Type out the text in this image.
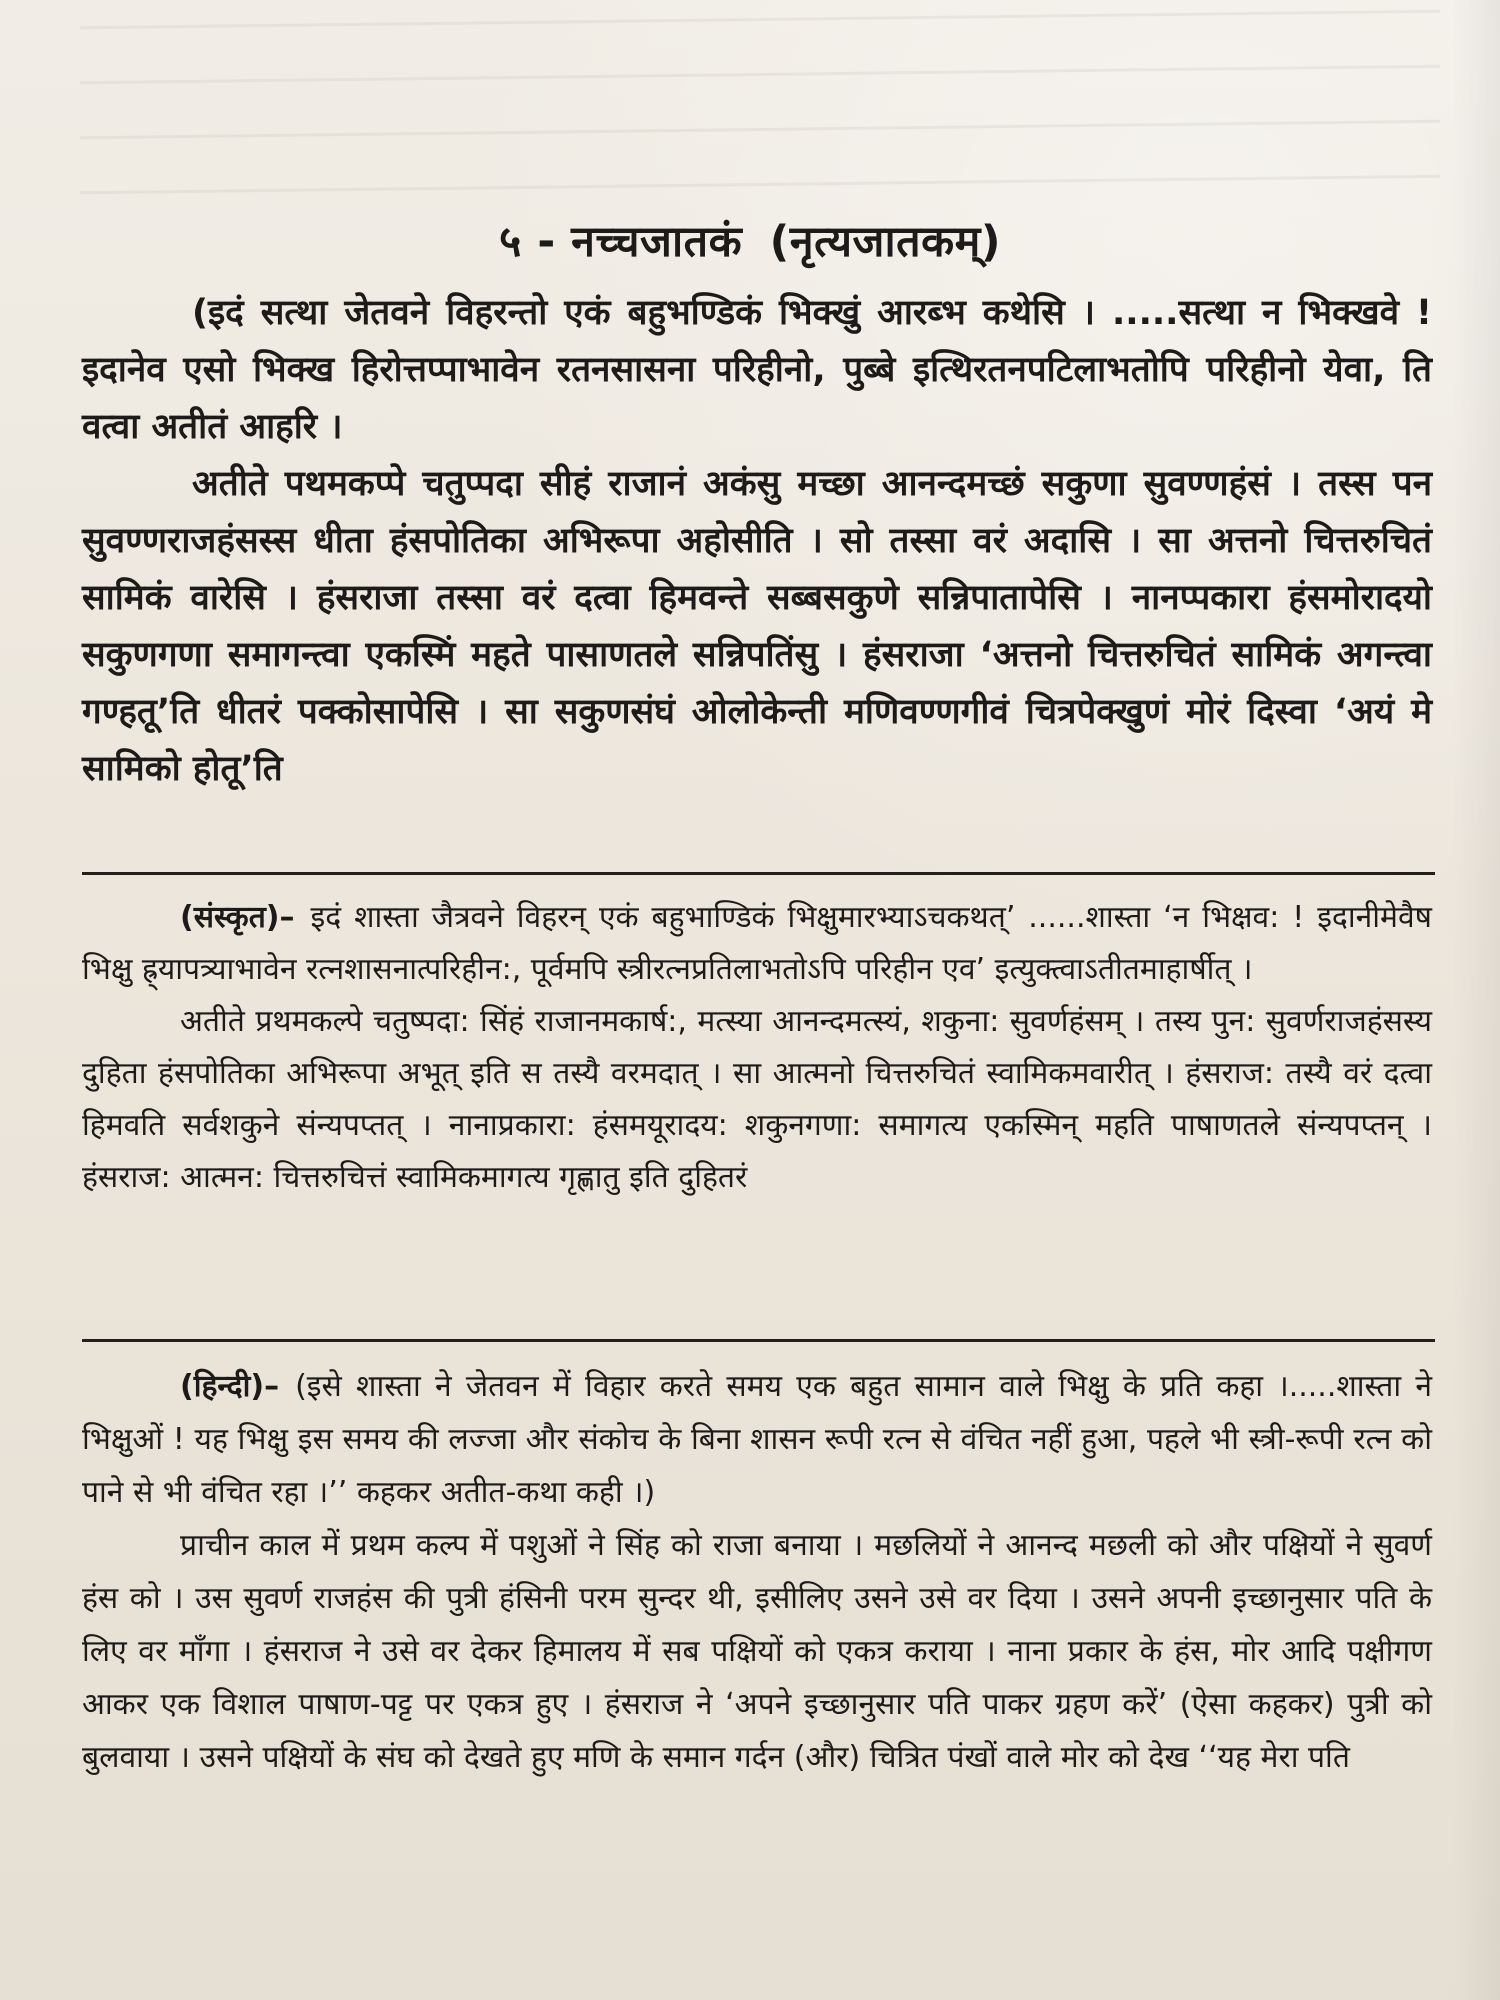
५ - नच्चजातकं (नृत्यजातकम्)

(इदं सत्था जेतवने विहरन्तो एकं बहुभण्डिकं भिक्खुं आरब्भ कथेसि । .....सत्था न भिक्खवे ! इदानेव एसो भिक्ख हिरोत्तप्पाभावेन रतनसासना परिहीनो, पुब्बे इत्थिरतनपटिलाभतोपि परिहीनो येवा, ति वत्वा अतीतं आहरि ।

अतीते पथमकप्पे चतुप्पदा सीहं राजानं अकंसु मच्छा आनन्दमच्छं सकुणा सुवण्णहंसं । तस्स पन सुवण्णराजहंसस्स धीता हंसपोतिका अभिरूपा अहोसीति । सो तस्सा वरं अदासि । सा अत्तनो चित्तरुचितं सामिकं वारेसि । हंसराजा तस्सा वरं दत्वा हिमवन्ते सब्बसकुणे सन्निपातापेसि । नानप्पकारा हंसमोरादयो सकुणगणा समागन्त्वा एकस्मिं महते पासाणतले सन्निपतिंसु । हंसराजा ‘अत्तनो चित्तरुचितं सामिकं अगन्त्वा गण्हतू’ति धीतरं पक्कोसापेसि । सा सकुणसंघं ओलोकेन्ती मणिवण्णगीवं चित्रपेक्खुणं मोरं दिस्वा ‘अयं मे सामिको होतू’ति

(संस्कृत)– इदं शास्ता जैत्रवने विहरन् एकं बहुभाण्डिकं भिक्षुमारभ्याऽचकथत्’ ......शास्ता ‘न भिक्षव: ! इदानीमेवैष भिक्षु ह्र्यापत्र्याभावेन रत्नशासनात्परिहीन:, पूर्वमपि स्त्रीरत्नप्रतिलाभतोऽपि परिहीन एव’ इत्युक्त्वाऽतीतमाहार्षीत् ।

अतीते प्रथमकल्पे चतुष्पदा: सिंहं राजानमकार्ष:, मत्स्या आनन्दमत्स्यं, शकुना: सुवर्णहंसम् । तस्य पुन: सुवर्णराजहंसस्य दुहिता हंसपोतिका अभिरूपा अभूत् इति स तस्यै वरमदात् । सा आत्मनो चित्तरुचितं स्वामिकमवारीत् । हंसराज: तस्यै वरं दत्वा हिमवति सर्वशकुने संन्यपप्तत् । नानाप्रकारा: हंसमयूरादय: शकुनगणा: समागत्य एकस्मिन् महति पाषाणतले संन्यपप्तन् । हंसराज: आत्मन: चित्तरुचित्तं स्वामिकमागत्य गृह्णातु इति दुहितरं

(हिन्दी)– (इसे शास्ता ने जेतवन में विहार करते समय एक बहुत सामान वाले भिक्षु के प्रति कहा ।.....शास्ता ने भिक्षुओं ! यह भिक्षु इस समय की लज्जा और संकोच के बिना शासन रूपी रत्न से वंचित नहीं हुआ, पहले भी स्त्री-रूपी रत्न को पाने से भी वंचित रहा ।’’ कहकर अतीत-कथा कही ।)

प्राचीन काल में प्रथम कल्प में पशुओं ने सिंह को राजा बनाया । मछलियों ने आनन्द मछली को और पक्षियों ने सुवर्ण हंस को । उस सुवर्ण राजहंस की पुत्री हंसिनी परम सुन्दर थी, इसीलिए उसने उसे वर दिया । उसने अपनी इच्छानुसार पति के लिए वर माँगा । हंसराज ने उसे वर देकर हिमालय में सब पक्षियों को एकत्र कराया । नाना प्रकार के हंस, मोर आदि पक्षीगण आकर एक विशाल पाषाण-पट्ट पर एकत्र हुए । हंसराज ने ‘अपने इच्छानुसार पति पाकर ग्रहण करें’ (ऐसा कहकर) पुत्री को बुलवाया । उसने पक्षियों के संघ को देखते हुए मणि के समान गर्दन (और) चित्रित पंखों वाले मोर को देख ‘‘यह मेरा पति
